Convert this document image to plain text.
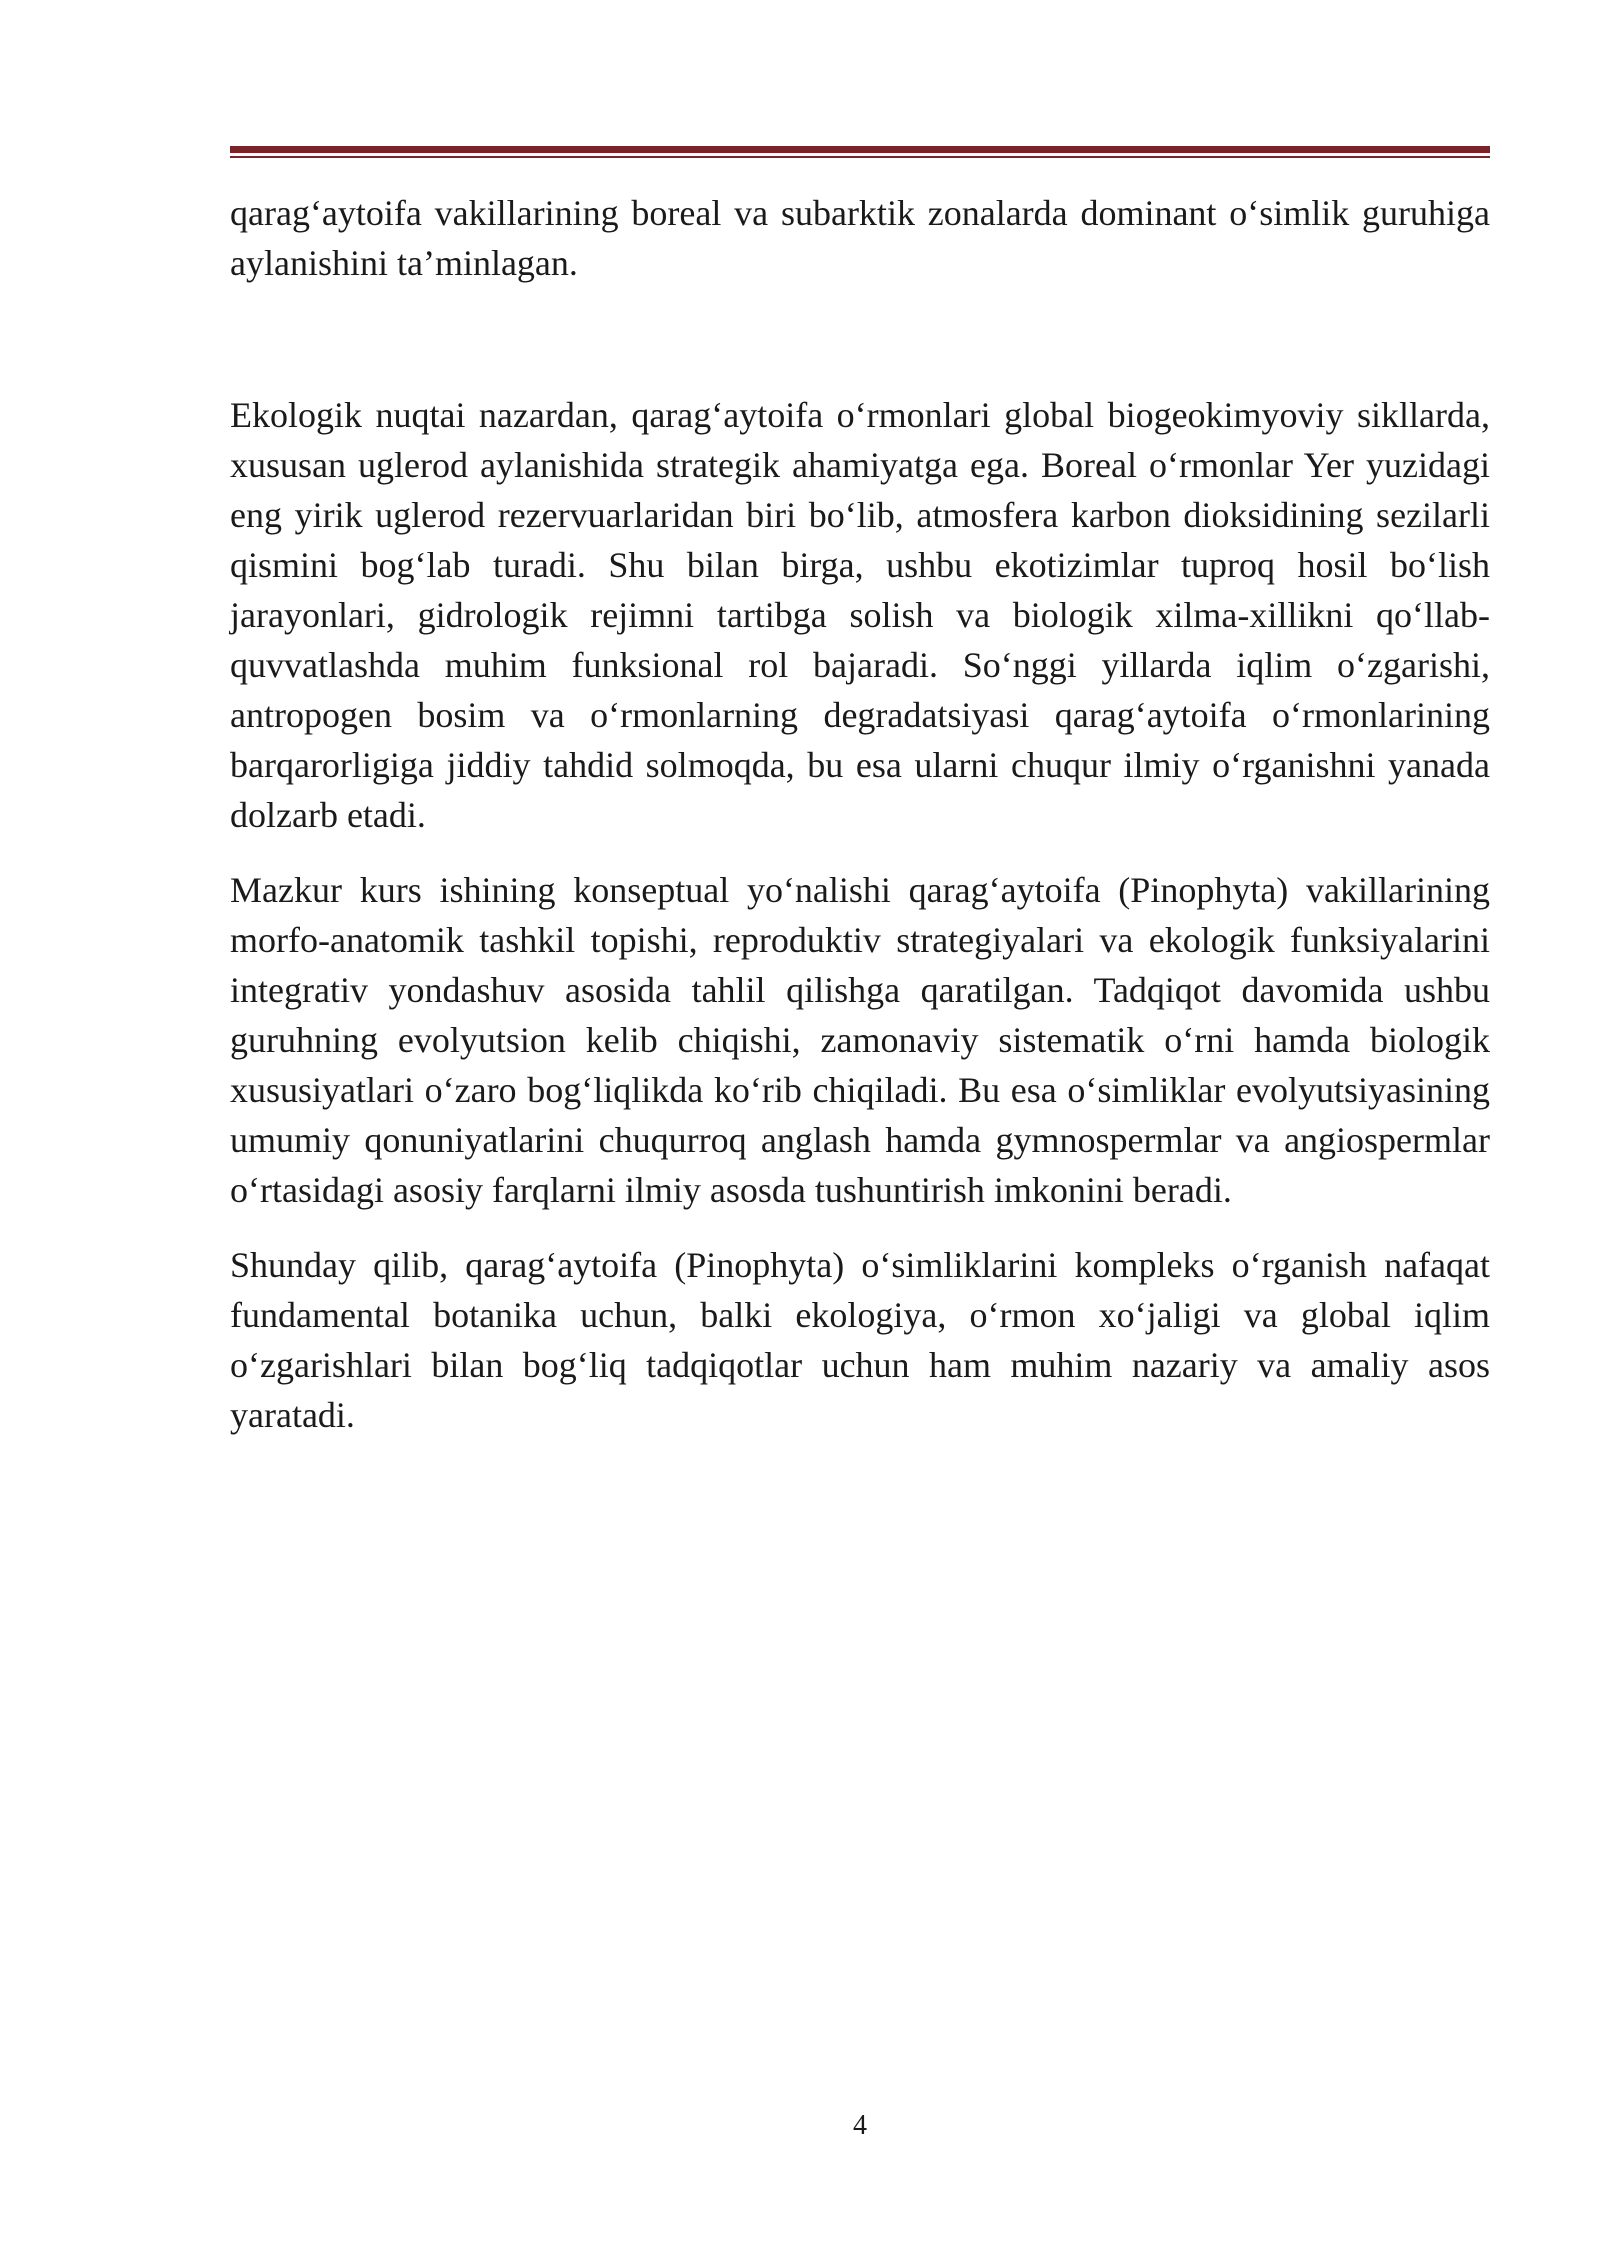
qarag‘aytoifa vakillarining boreal va subarktik zonalarda dominant o‘simlik guruhiga aylanishini ta’minlagan.

Ekologik nuqtai nazardan, qarag‘aytoifa o‘rmonlari global biogeokimyoviy sikllarda, xususan uglerod aylanishida strategik ahamiyatga ega. Boreal o‘rmonlar Yer yuzidagi eng yirik uglerod rezervuarlaridan biri bo‘lib, atmosfera karbon dioksidining sezilarli qismini bog‘lab turadi. Shu bilan birga, ushbu ekotizimlar tuproq hosil bo‘lish jarayonlari, gidrologik rejimni tartibga solish va biologik xilma-xillikni qo‘llab-quvvatlashda muhim funksional rol bajaradi. So‘nggi yillarda iqlim o‘zgarishi, antropogen bosim va o‘rmonlarning degradatsiyasi qarag‘aytoifa o‘rmonlarining barqarorligiga jiddiy tahdid solmoqda, bu esa ularni chuqur ilmiy o‘rganishni yanada dolzarb etadi.

Mazkur kurs ishining konseptual yo‘nalishi qarag‘aytoifa (Pinophyta) vakillarining morfo-anatomik tashkil topishi, reproduktiv strategiyalari va ekologik funksiyalarini integrativ yondashuv asosida tahlil qilishga qaratilgan. Tadqiqot davomida ushbu guruhning evolyutsion kelib chiqishi, zamonaviy sistematik o‘rni hamda biologik xususiyatlari o‘zaro bog‘liqlikda ko‘rib chiqiladi. Bu esa o‘simliklar evolyutsiyasining umumiy qonuniyatlarini chuqurroq anglash hamda gymnospermlar va angiospermlar o‘rtasidagi asosiy farqlarni ilmiy asosda tushuntirish imkonini beradi.

Shunday qilib, qarag‘aytoifa (Pinophyta) o‘simliklarini kompleks o‘rganish nafaqat fundamental botanika uchun, balki ekologiya, o‘rmon xo‘jaligi va global iqlim o‘zgarishlari bilan bog‘liq tadqiqotlar uchun ham muhim nazariy va amaliy asos yaratadi.

4
